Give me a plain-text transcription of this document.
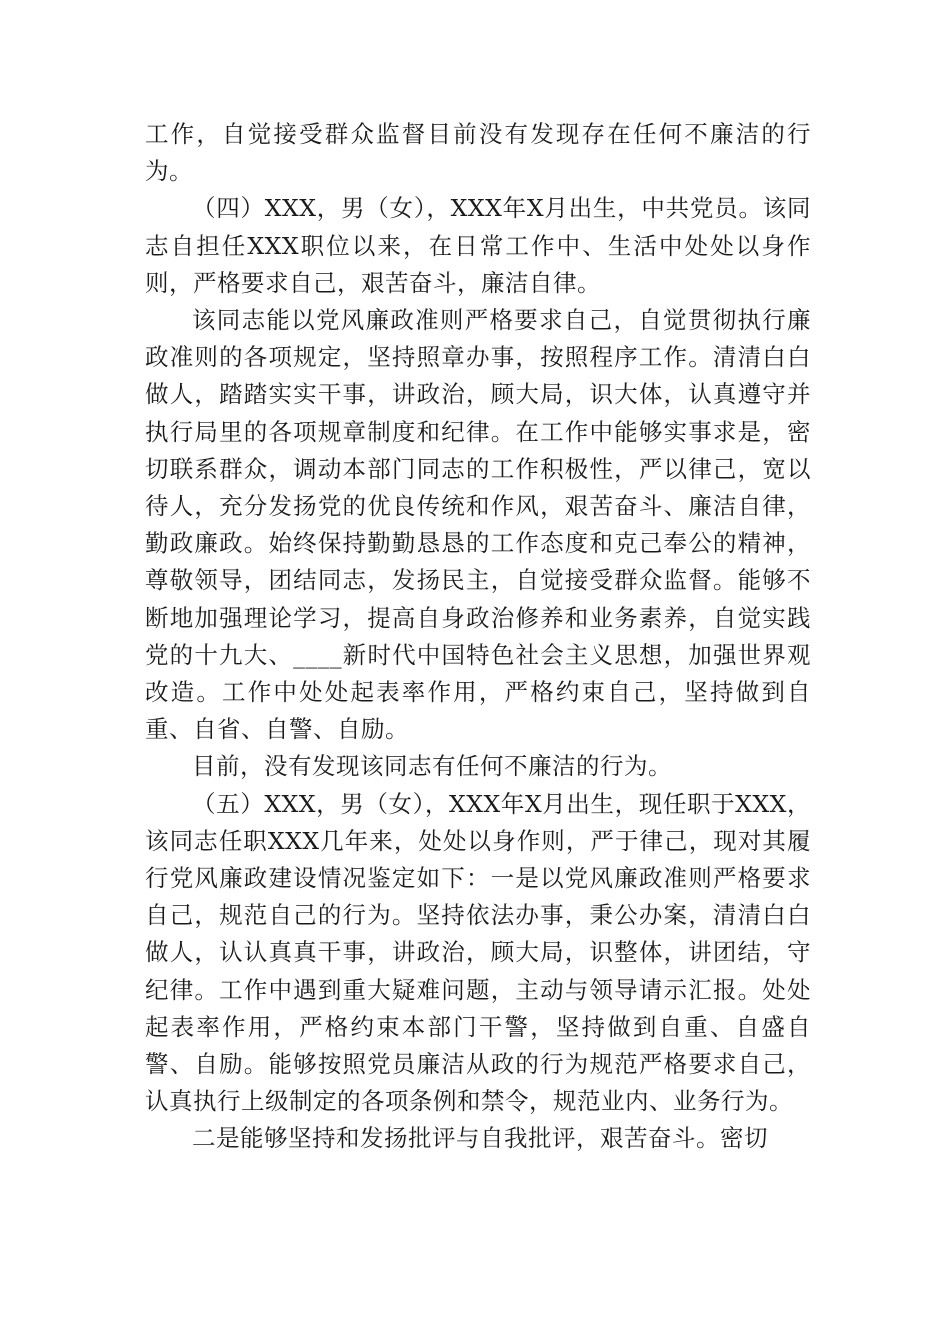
工作，自觉接受群众监督目前没有发现存在任何不廉洁的行为。

（四）XXX，男（女），XXX年X月出生，中共党员。该同志自担任XXX职位以来，在日常工作中、生活中处处以身作则，严格要求自己，艰苦奋斗，廉洁自律。

该同志能以党风廉政准则严格要求自己，自觉贯彻执行廉政准则的各项规定，坚持照章办事，按照程序工作。清清白白做人，踏踏实实干事，讲政治，顾大局，识大体，认真遵守并执行局里的各项规章制度和纪律。在工作中能够实事求是，密切联系群众，调动本部门同志的工作积极性，严以律己，宽以待人，充分发扬党的优良传统和作风，艰苦奋斗、廉洁自律，勤政廉政。始终保持勤勤恳恳的工作态度和克己奉公的精神，尊敬领导，团结同志，发扬民主，自觉接受群众监督。能够不断地加强理论学习，提高自身政治修养和业务素养，自觉实践党的十九大、____新时代中国特色社会主义思想，加强世界观改造。工作中处处起表率作用，严格约束自己，坚持做到自重、自省、自警、自励。

目前，没有发现该同志有任何不廉洁的行为。

（五）XXX，男（女），XXX年X月出生，现任职于XXX，该同志任职XXX几年来，处处以身作则，严于律己，现对其履行党风廉政建设情况鉴定如下：一是以党风廉政准则严格要求自己，规范自己的行为。坚持依法办事，秉公办案，清清白白做人，认认真真干事，讲政治，顾大局，识整体，讲团结，守纪律。工作中遇到重大疑难问题，主动与领导请示汇报。处处起表率作用，严格约束本部门干警，坚持做到自重、自盛自警、自励。能够按照党员廉洁从政的行为规范严格要求自己，认真执行上级制定的各项条例和禁令，规范业内、业务行为。

二是能够坚持和发扬批评与自我批评，艰苦奋斗。密切
